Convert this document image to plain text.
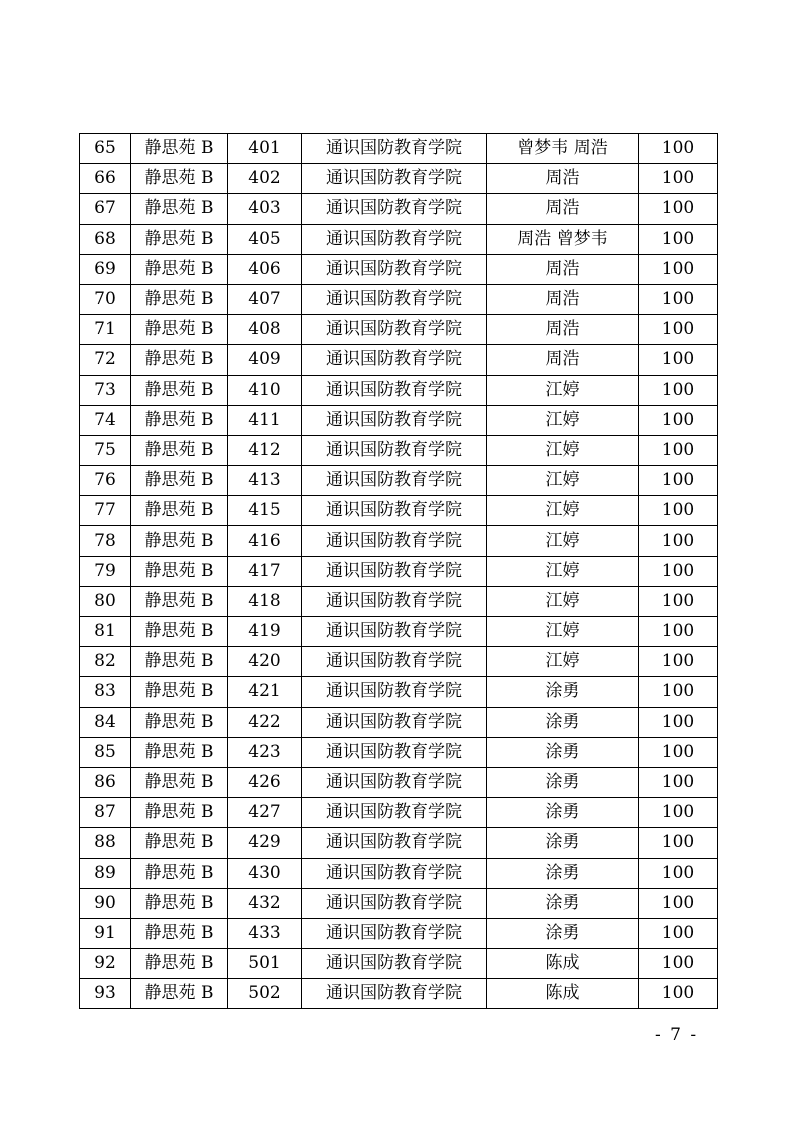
65	静思苑 B	401	通识国防教育学院	曾梦韦 周浩	100
66	静思苑 B	402	通识国防教育学院	周浩	100
67	静思苑 B	403	通识国防教育学院	周浩	100
68	静思苑 B	405	通识国防教育学院	周浩 曾梦韦	100
69	静思苑 B	406	通识国防教育学院	周浩	100
70	静思苑 B	407	通识国防教育学院	周浩	100
71	静思苑 B	408	通识国防教育学院	周浩	100
72	静思苑 B	409	通识国防教育学院	周浩	100
73	静思苑 B	410	通识国防教育学院	江婷	100
74	静思苑 B	411	通识国防教育学院	江婷	100
75	静思苑 B	412	通识国防教育学院	江婷	100
76	静思苑 B	413	通识国防教育学院	江婷	100
77	静思苑 B	415	通识国防教育学院	江婷	100
78	静思苑 B	416	通识国防教育学院	江婷	100
79	静思苑 B	417	通识国防教育学院	江婷	100
80	静思苑 B	418	通识国防教育学院	江婷	100
81	静思苑 B	419	通识国防教育学院	江婷	100
82	静思苑 B	420	通识国防教育学院	江婷	100
83	静思苑 B	421	通识国防教育学院	涂勇	100
84	静思苑 B	422	通识国防教育学院	涂勇	100
85	静思苑 B	423	通识国防教育学院	涂勇	100
86	静思苑 B	426	通识国防教育学院	涂勇	100
87	静思苑 B	427	通识国防教育学院	涂勇	100
88	静思苑 B	429	通识国防教育学院	涂勇	100
89	静思苑 B	430	通识国防教育学院	涂勇	100
90	静思苑 B	432	通识国防教育学院	涂勇	100
91	静思苑 B	433	通识国防教育学院	涂勇	100
92	静思苑 B	501	通识国防教育学院	陈成	100
93	静思苑 B	502	通识国防教育学院	陈成	100
- 7 -
